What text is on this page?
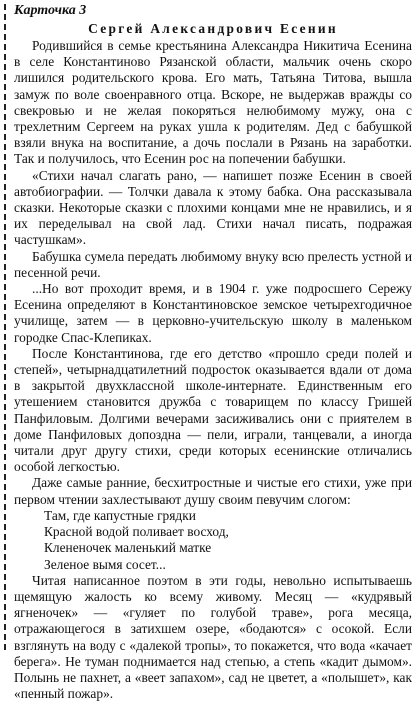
Карточка 3
Сергей Александрович Есенин

Родившийся в семье крестьянина Александра Никитича Есенина в селе Константиново Рязанской области, мальчик очень скоро лишился родительского крова. Его мать, Татьяна Титова, вышла замуж по воле своенравного отца. Вскоре, не выдержав вражды со свекровью и не желая покоряться нелюбимому мужу, она с трехлетним Сергеем на руках ушла к родителям. Дед с бабушкой взяли внука на воспитание, а дочь послали в Рязань на заработки. Так и получилось, что Есенин рос на попечении бабушки.

«Стихи начал слагать рано, — напишет позже Есенин в своей автобиографии. — Толчки давала к этому бабка. Она рассказывала сказки. Некоторые сказки с плохими концами мне не нравились, и я их переделывал на свой лад. Стихи начал писать, подражая частушкам».

Бабушка сумела передать любимому внуку всю прелесть устной и песенной речи.

...Но вот проходит время, и в 1904 г. уже подросшего Сережу Есенина определяют в Константиновское земское четырехгодичное училище, затем — в церковно-учительскую школу в маленьком городке Спас-Клепиках.

После Константинова, где его детство «прошло среди полей и степей», четырнадцатилетний подросток оказывается вдали от дома в закрытой двухклассной школе-интернате. Единственным его утешением становится дружба с товарищем по классу Гришей Панфиловым. Долгими вечерами засиживались они с приятелем в доме Панфиловых допоздна — пели, играли, танцевали, а иногда читали друг другу стихи, среди которых есенинские отличались особой легкостью.

Даже самые ранние, бесхитростные и чистые его стихи, уже при первом чтении захлестывают душу своим певучим слогом:

Там, где капустные грядки
Красной водой поливает восход,
Клененочек маленький матке
Зеленое вымя сосет...

Читая написанное поэтом в эти годы, невольно испытываешь щемящую жалость ко всему живому. Месяц — «кудрявый ягненочек» — «гуляет по голубой траве», рога месяца, отражающегося в затихшем озере, «бодаются» с осокой. Если взглянуть на воду с «далекой тропы», то покажется, что вода «качает берега». Не туман поднимается над степью, а степь «кадит дымом». Полынь не пахнет, а «веет запахом», сад не цветет, а «полышет», как «пенный пожар».
